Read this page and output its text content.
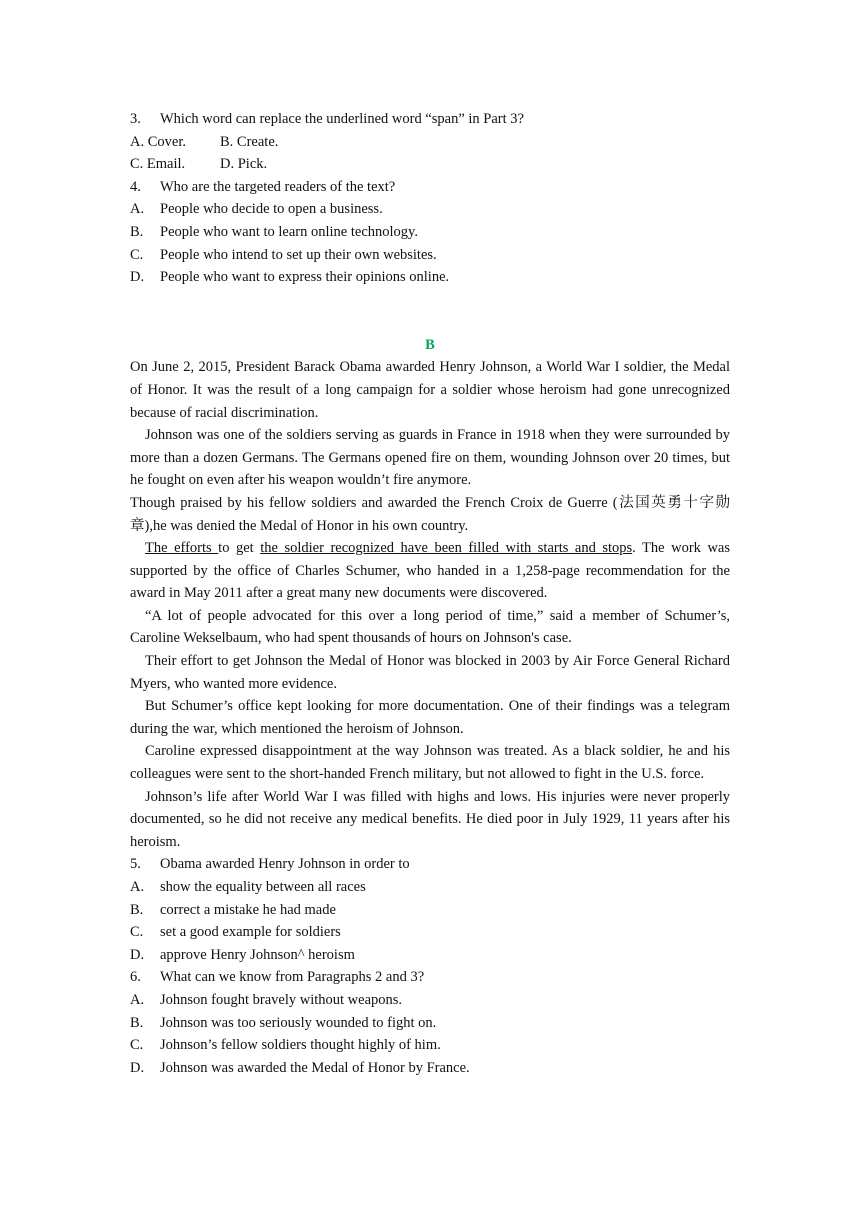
3.	Which word can replace the underlined word “span” in Part 3?
A. Cover.	B. Create.
C. Email.	D. Pick.
4.	Who are the targeted readers of the text?
A.	People who decide to open a business.
B.	People who want to learn online technology.
C.	People who intend to set up their own websites.
D.	People who want to express their opinions online.
B

On June 2, 2015, President Barack Obama awarded Henry Johnson, a World War I soldier, the Medal of Honor. It was the result of a long campaign for a soldier whose heroism had gone unrecognized because of racial discrimination.

Johnson was one of the soldiers serving as guards in France in 1918 when they were surrounded by more than a dozen Germans. The Germans opened fire on them, wounding Johnson over 20 times, but he fought on even after his weapon wouldn’t fire anymore.

Though praised by his fellow soldiers and awarded the French Croix de Guerre (法国英勇十字勋章),he was denied the Medal of Honor in his own country.

The efforts to get the soldier recognized have been filled with starts and stops. The work was supported by the office of Charles Schumer, who handed in a 1,258-page recommendation for the award in May 2011 after a great many new documents were discovered.

“A lot of people advocated for this over a long period of time,” said a member of Schumer’s, Caroline Wekselbaum, who had spent thousands of hours on Johnson's case.

Their effort to get Johnson the Medal of Honor was blocked in 2003 by Air Force General Richard Myers, who wanted more evidence.

But Schumer’s office kept looking for more documentation. One of their findings was a telegram during the war, which mentioned the heroism of Johnson.

Caroline expressed disappointment at the way Johnson was treated. As a black soldier, he and his colleagues were sent to the short-handed French military, but not allowed to fight in the U.S. force.

Johnson’s life after World War I was filled with highs and lows. His injuries were never properly documented, so he did not receive any medical benefits. He died poor in July 1929, 11 years after his heroism.

5.	Obama awarded Henry Johnson in order to
A.	show the equality between all races
B.	correct a mistake he had made
C.	set a good example for soldiers
D.	approve Henry Johnson^ heroism
6.	What can we know from Paragraphs 2 and 3?
A.	Johnson fought bravely without weapons.
B.	Johnson was too seriously wounded to fight on.
C.	Johnson’s fellow soldiers thought highly of him.
D.	Johnson was awarded the Medal of Honor by France.
